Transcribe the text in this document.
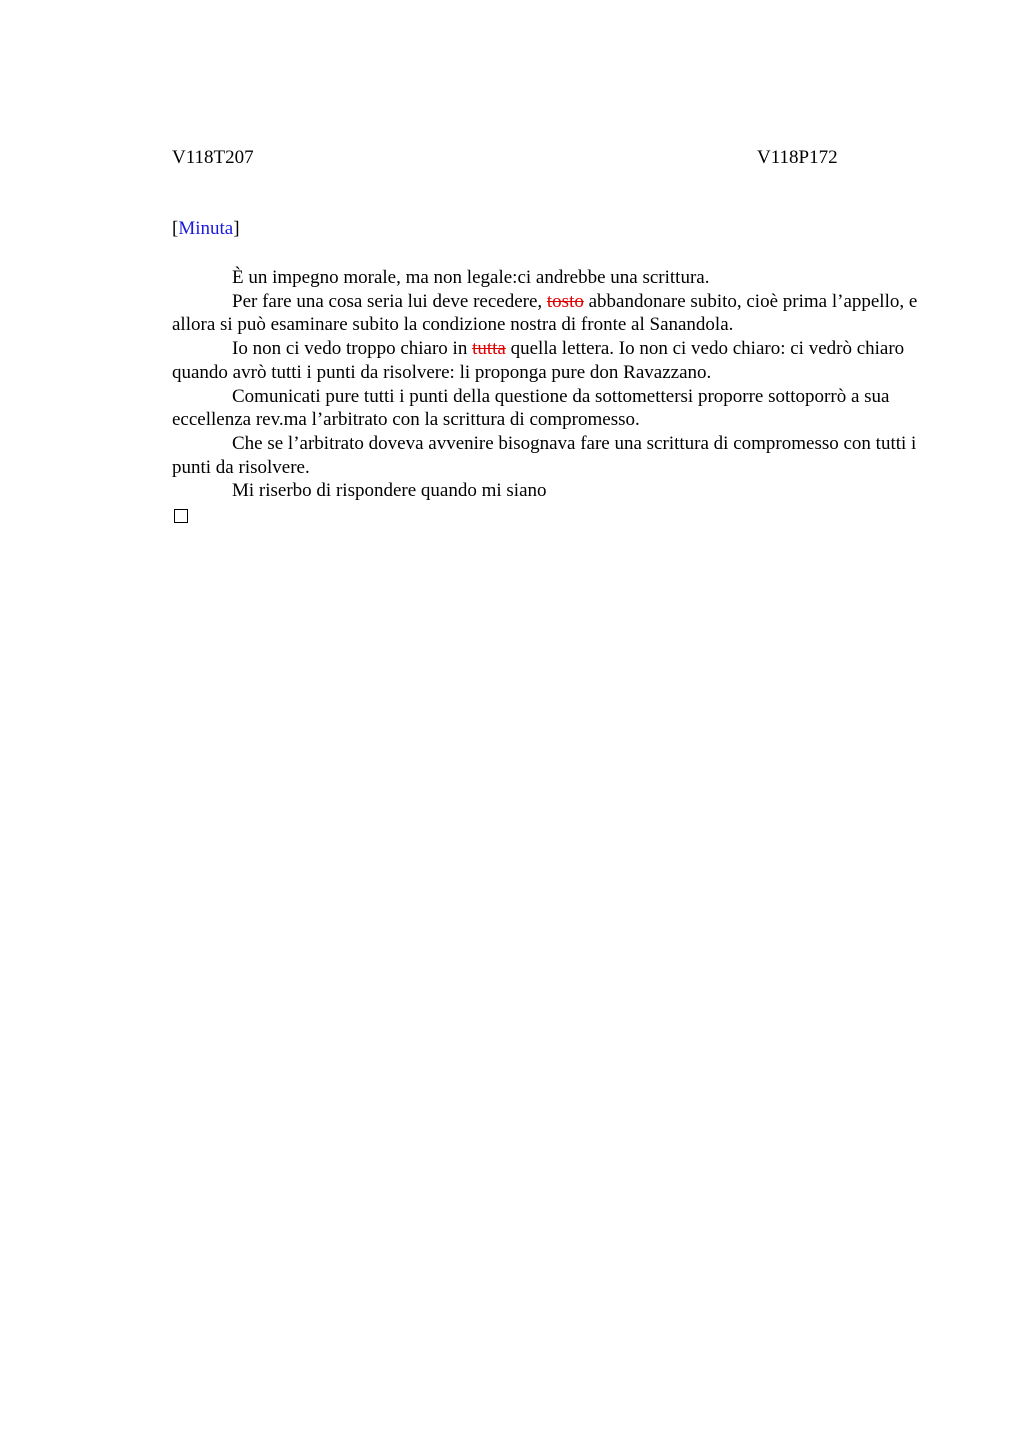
V118T207	V118P172
[Minuta]

È un impegno morale, ma non legale:ci andrebbe una scrittura.

Per fare una cosa seria lui deve recedere, tosto abbandonare subito, cioè prima l’appello, e allora si può esaminare subito la condizione nostra di fronte al Sanandola.

Io non ci vedo troppo chiaro in tutta quella lettera. Io non ci vedo chiaro: ci vedrò chiaro quando avrò tutti i punti da risolvere: li proponga pure don Ravazzano.

Comunicati pure tutti i punti della questione da sottomettersi proporre sottoporrò a sua eccellenza rev.ma l’arbitrato con la scrittura di compromesso.

Che se l’arbitrato doveva avvenire bisognava fare una scrittura di compromesso con tutti i punti da risolvere.

Mi riserbo di rispondere quando mi siano
